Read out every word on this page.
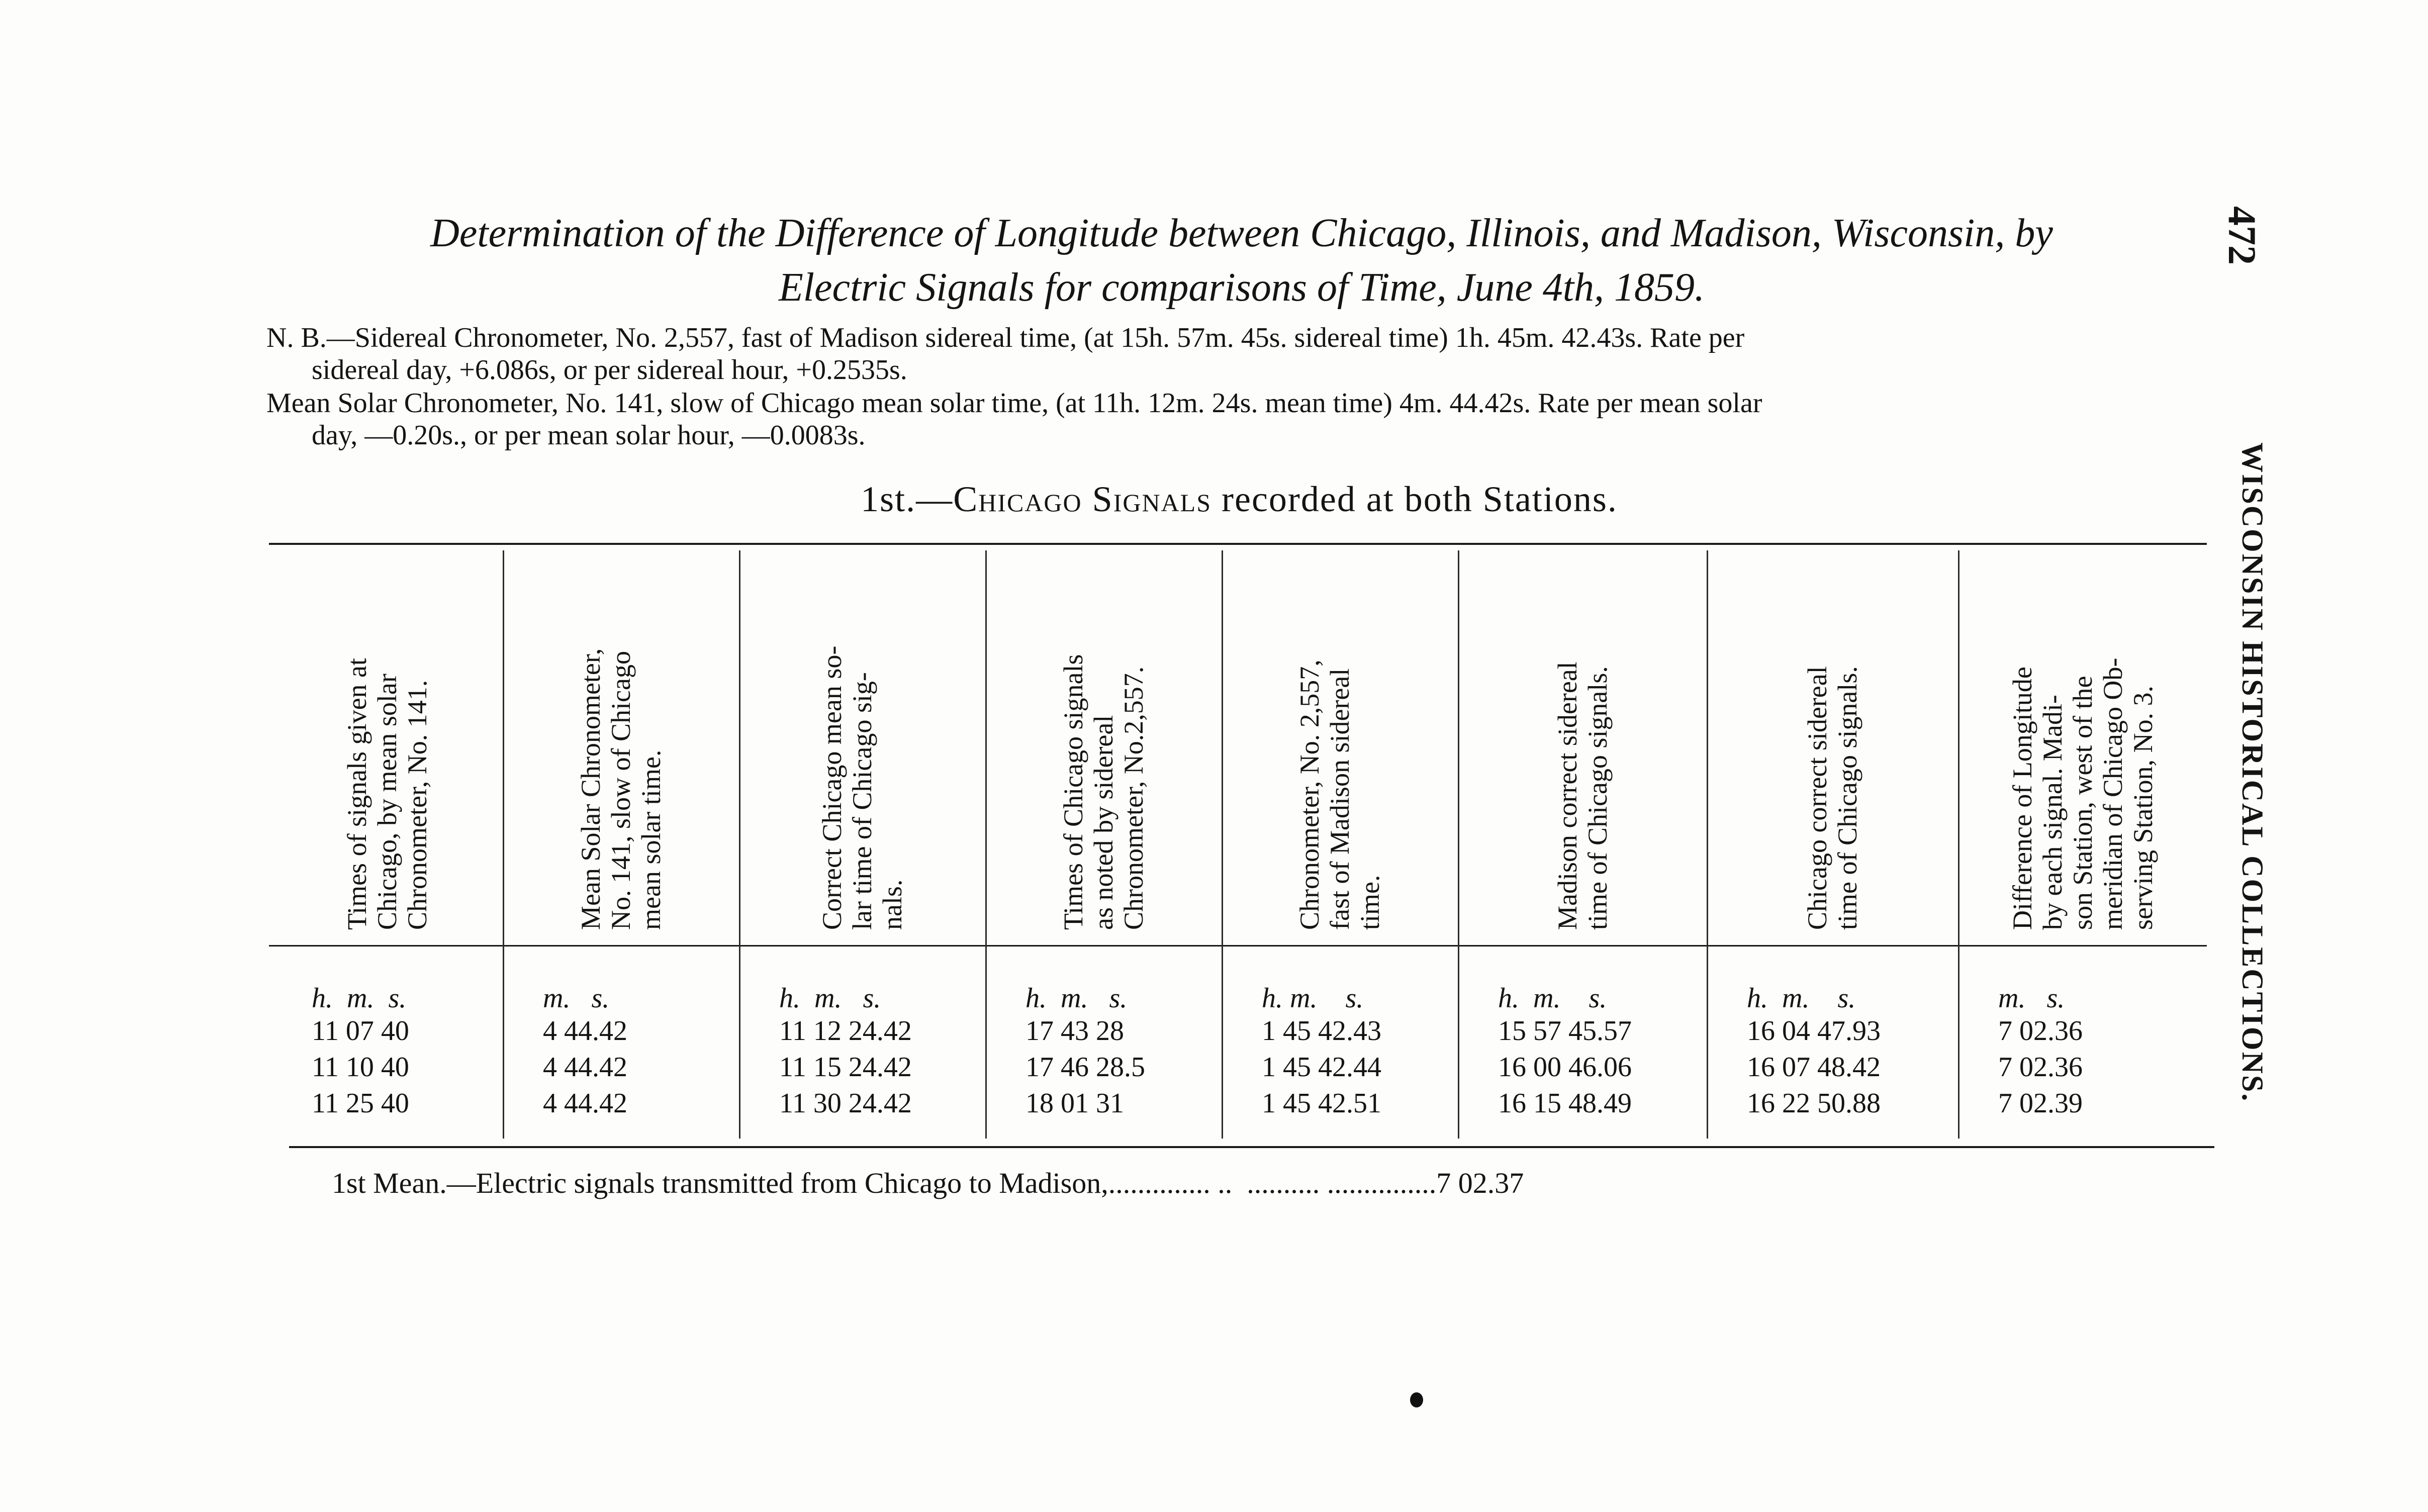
Determination of the Difference of Longitude between Chicago, Illinois, and Madison, Wisconsin, by
Electric Signals for comparisons of Time, June 4th, 1859.
472
WISCONSIN HISTORICAL COLLECTIONS.
N. B.—Sidereal Chronometer, No. 2,557, fast of Madison sidereal time, (at 15h. 57m. 45s. sidereal time) 1h. 45m. 42.43s. Rate per
sidereal day, +6.086s, or per sidereal hour, +0.2535s.
Mean Solar Chronometer, No. 141, slow of Chicago mean solar time, (at 11h. 12m. 24s. mean time) 4m. 44.42s. Rate per mean solar
day, —0.20s., or per mean solar hour, —0.0083s.
1st.—Chicago Signals recorded at both Stations.
Times of signals given at Chicago, by mean solar Chronometer, No. 141.	Mean Solar Chronometer, No. 141, slow of Chicago mean solar time.	Correct Chicago mean so- lar time of Chicago sig- nals.	Times of Chicago signals as noted by sidereal Chronometer, No.2,557.	Chronometer, No. 2,557, fast of Madison sidereal time.	Madison correct sidereal time of Chicago signals.	Chicago correct sidereal time of Chicago signals.	Difference of Longitude by each signal. Madi- son Station, west of the meridian of Chicago Ob- serving Station, No. 3.
h.  m.  s.	m.   s.	h.  m.   s.	h.  m.   s.	h. m.    s.	h.  m.    s.	h.  m.    s.	m.   s.
11 07 40	4 44.42	11 12 24.42	17 43 28	1 45 42.43	15 57 45.57	16 04 47.93	7 02.36
11 10 40	4 44.42	11 15 24.42	17 46 28.5	1 45 42.44	16 00 46.06	16 07 48.42	7 02.36
11 25 40	4 44.42	11 30 24.42	18 01 31	1 45 42.51	16 15 48.49	16 22 50.88	7 02.39
1st Mean.—Electric signals transmitted from Chicago to Madison,.............. ..  .......... ...............7 02.37
